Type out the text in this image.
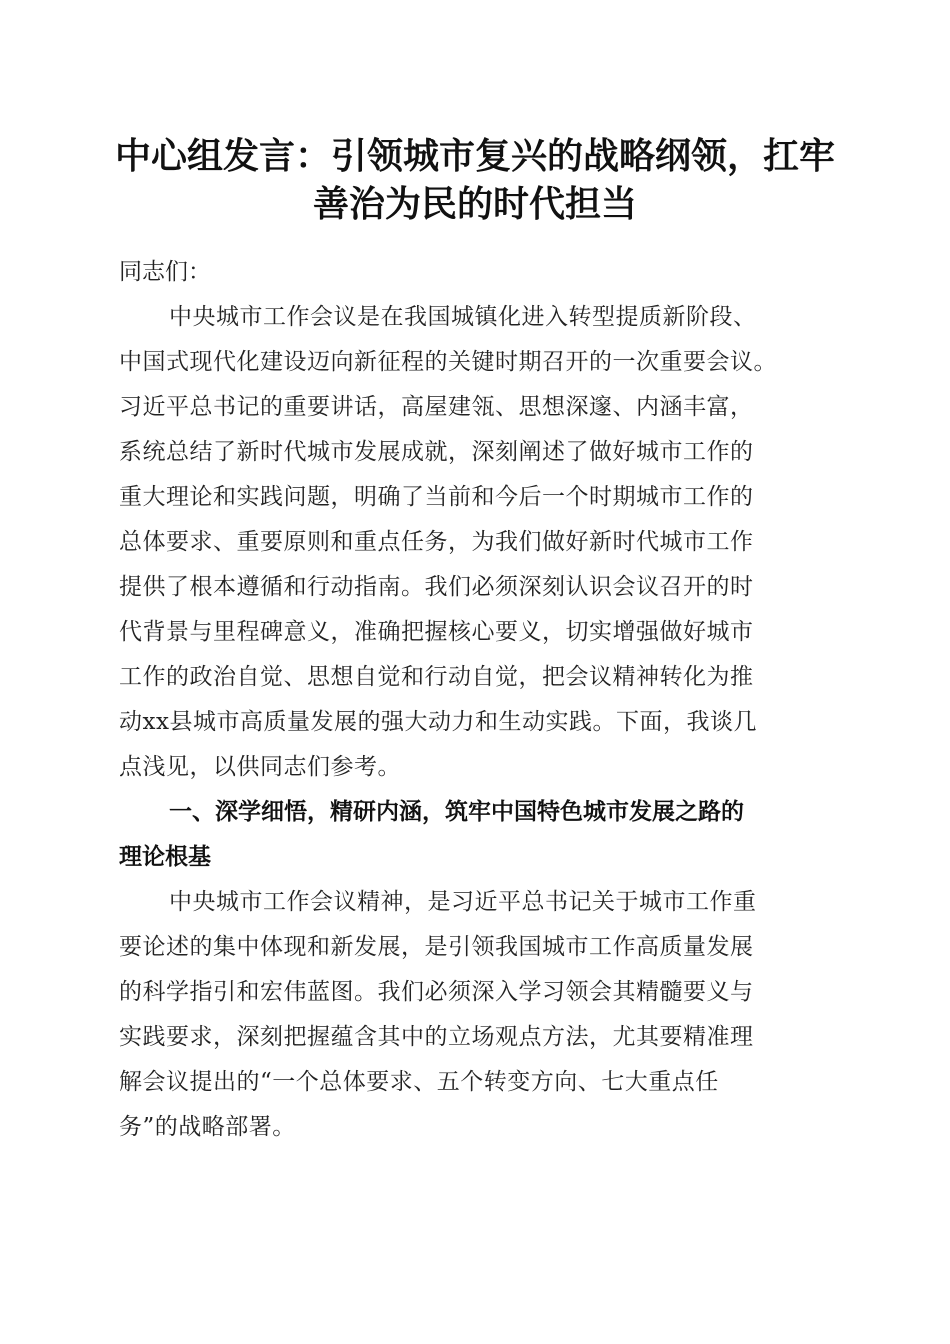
中心组发言：引领城市复兴的战略纲领，扛牢
善治为民的时代担当

同志们：

中央城市工作会议是在我国城镇化进入转型提质新阶段、
中国式现代化建设迈向新征程的关键时期召开的一次重要会议。
习近平总书记的重要讲话，高屋建瓴、思想深邃、内涵丰富，
系统总结了新时代城市发展成就，深刻阐述了做好城市工作的
重大理论和实践问题，明确了当前和今后一个时期城市工作的
总体要求、重要原则和重点任务，为我们做好新时代城市工作
提供了根本遵循和行动指南。我们必须深刻认识会议召开的时
代背景与里程碑意义，准确把握核心要义，切实增强做好城市
工作的政治自觉、思想自觉和行动自觉，把会议精神转化为推
动xx县城市高质量发展的强大动力和生动实践。下面，我谈几
点浅见，以供同志们参考。

一、深学细悟，精研内涵，筑牢中国特色城市发展之路的
理论根基

中央城市工作会议精神，是习近平总书记关于城市工作重
要论述的集中体现和新发展，是引领我国城市工作高质量发展
的科学指引和宏伟蓝图。我们必须深入学习领会其精髓要义与
实践要求，深刻把握蕴含其中的立场观点方法，尤其要精准理
解会议提出的“一个总体要求、五个转变方向、七大重点任
务”的战略部署。
